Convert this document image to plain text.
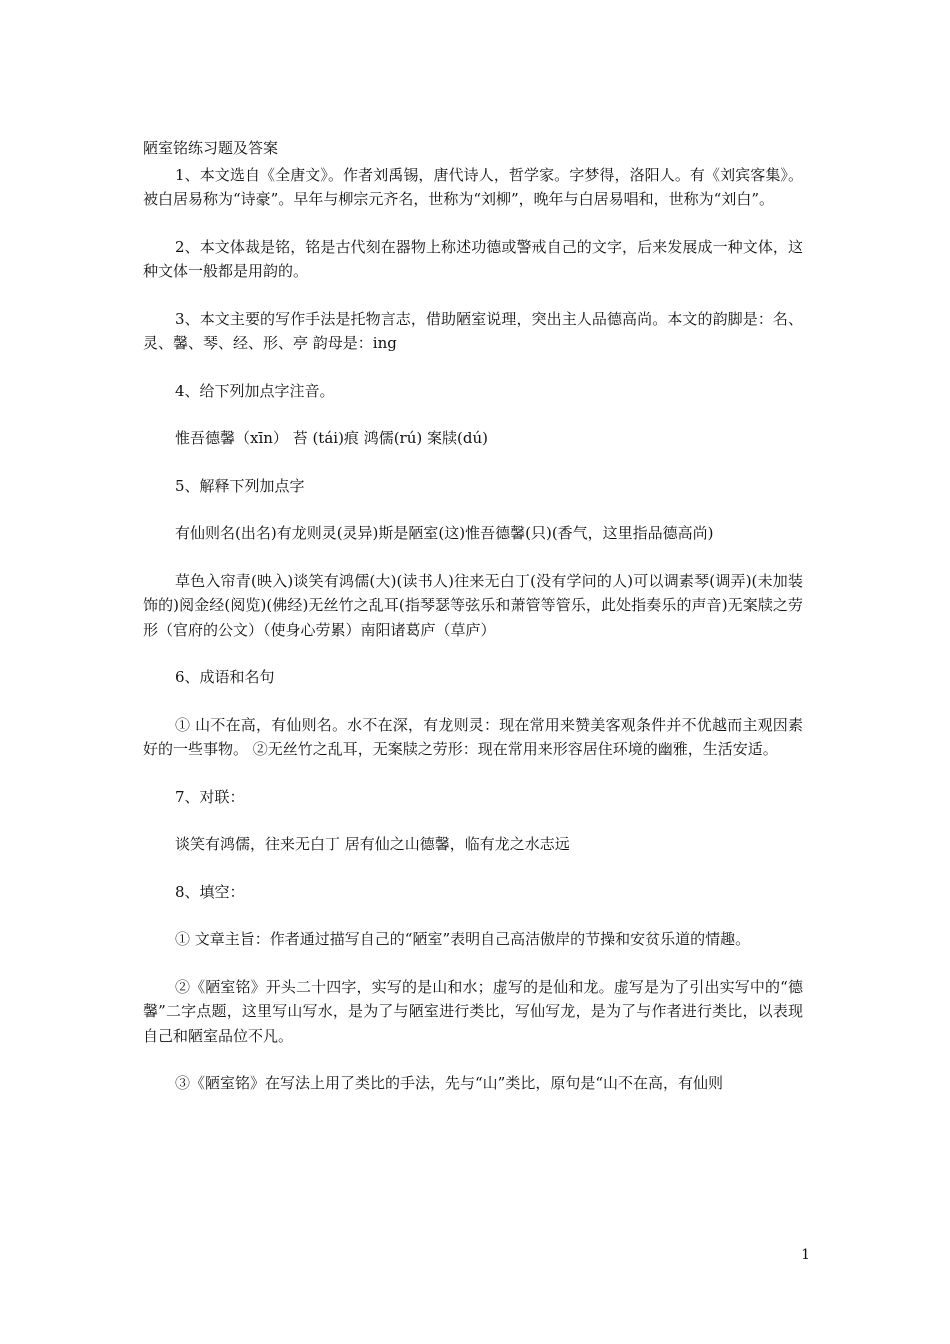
陋室铭练习题及答案

1、本文选自《全唐文》。作者刘禹锡，唐代诗人，哲学家。字梦得，洛阳人。有《刘宾客集》。被白居易称为“诗豪”。早年与柳宗元齐名，世称为“刘柳”，晚年与白居易唱和，世称为“刘白”。

2、本文体裁是铭，铭是古代刻在器物上称述功德或警戒自己的文字，后来发展成一种文体，这种文体一般都是用韵的。

3、本文主要的写作手法是托物言志，借助陋室说理，突出主人品德高尚。本文的韵脚是：名、灵、馨、琴、经、形、亭 韵母是：ing

4、给下列加点字注音。

惟吾德馨（xīn） 苔 (tái)痕 鸿儒(rú) 案牍(dú)

5、解释下列加点字

有仙则名(出名)有龙则灵(灵异)斯是陋室(这)惟吾德馨(只)(香气，这里指品德高尚)

草色入帘青(映入)谈笑有鸿儒(大)(读书人)往来无白丁(没有学问的人)可以调素琴(调弄)(未加装饰的)阅金经(阅览)(佛经)无丝竹之乱耳(指琴瑟等弦乐和萧管等管乐，此处指奏乐的声音)无案牍之劳形（官府的公文）（使身心劳累）南阳诸葛庐（草庐）

6、成语和名句

① 山不在高，有仙则名。水不在深，有龙则灵：现在常用来赞美客观条件并不优越而主观因素好的一些事物。 ②无丝竹之乱耳，无案牍之劳形：现在常用来形容居住环境的幽雅，生活安适。

7、对联：

谈笑有鸿儒，往来无白丁 居有仙之山德馨，临有龙之水志远

8、填空：

① 文章主旨：作者通过描写自己的“陋室”表明自己高洁傲岸的节操和安贫乐道的情趣。

②《陋室铭》开头二十四字，实写的是山和水；虚写的是仙和龙。虚写是为了引出实写中的“德馨”二字点题，这里写山写水，是为了与陋室进行类比，写仙写龙，是为了与作者进行类比，以表现自己和陋室品位不凡。

③《陋室铭》在写法上用了类比的手法，先与“山”类比，原句是“山不在高，有仙则

1
